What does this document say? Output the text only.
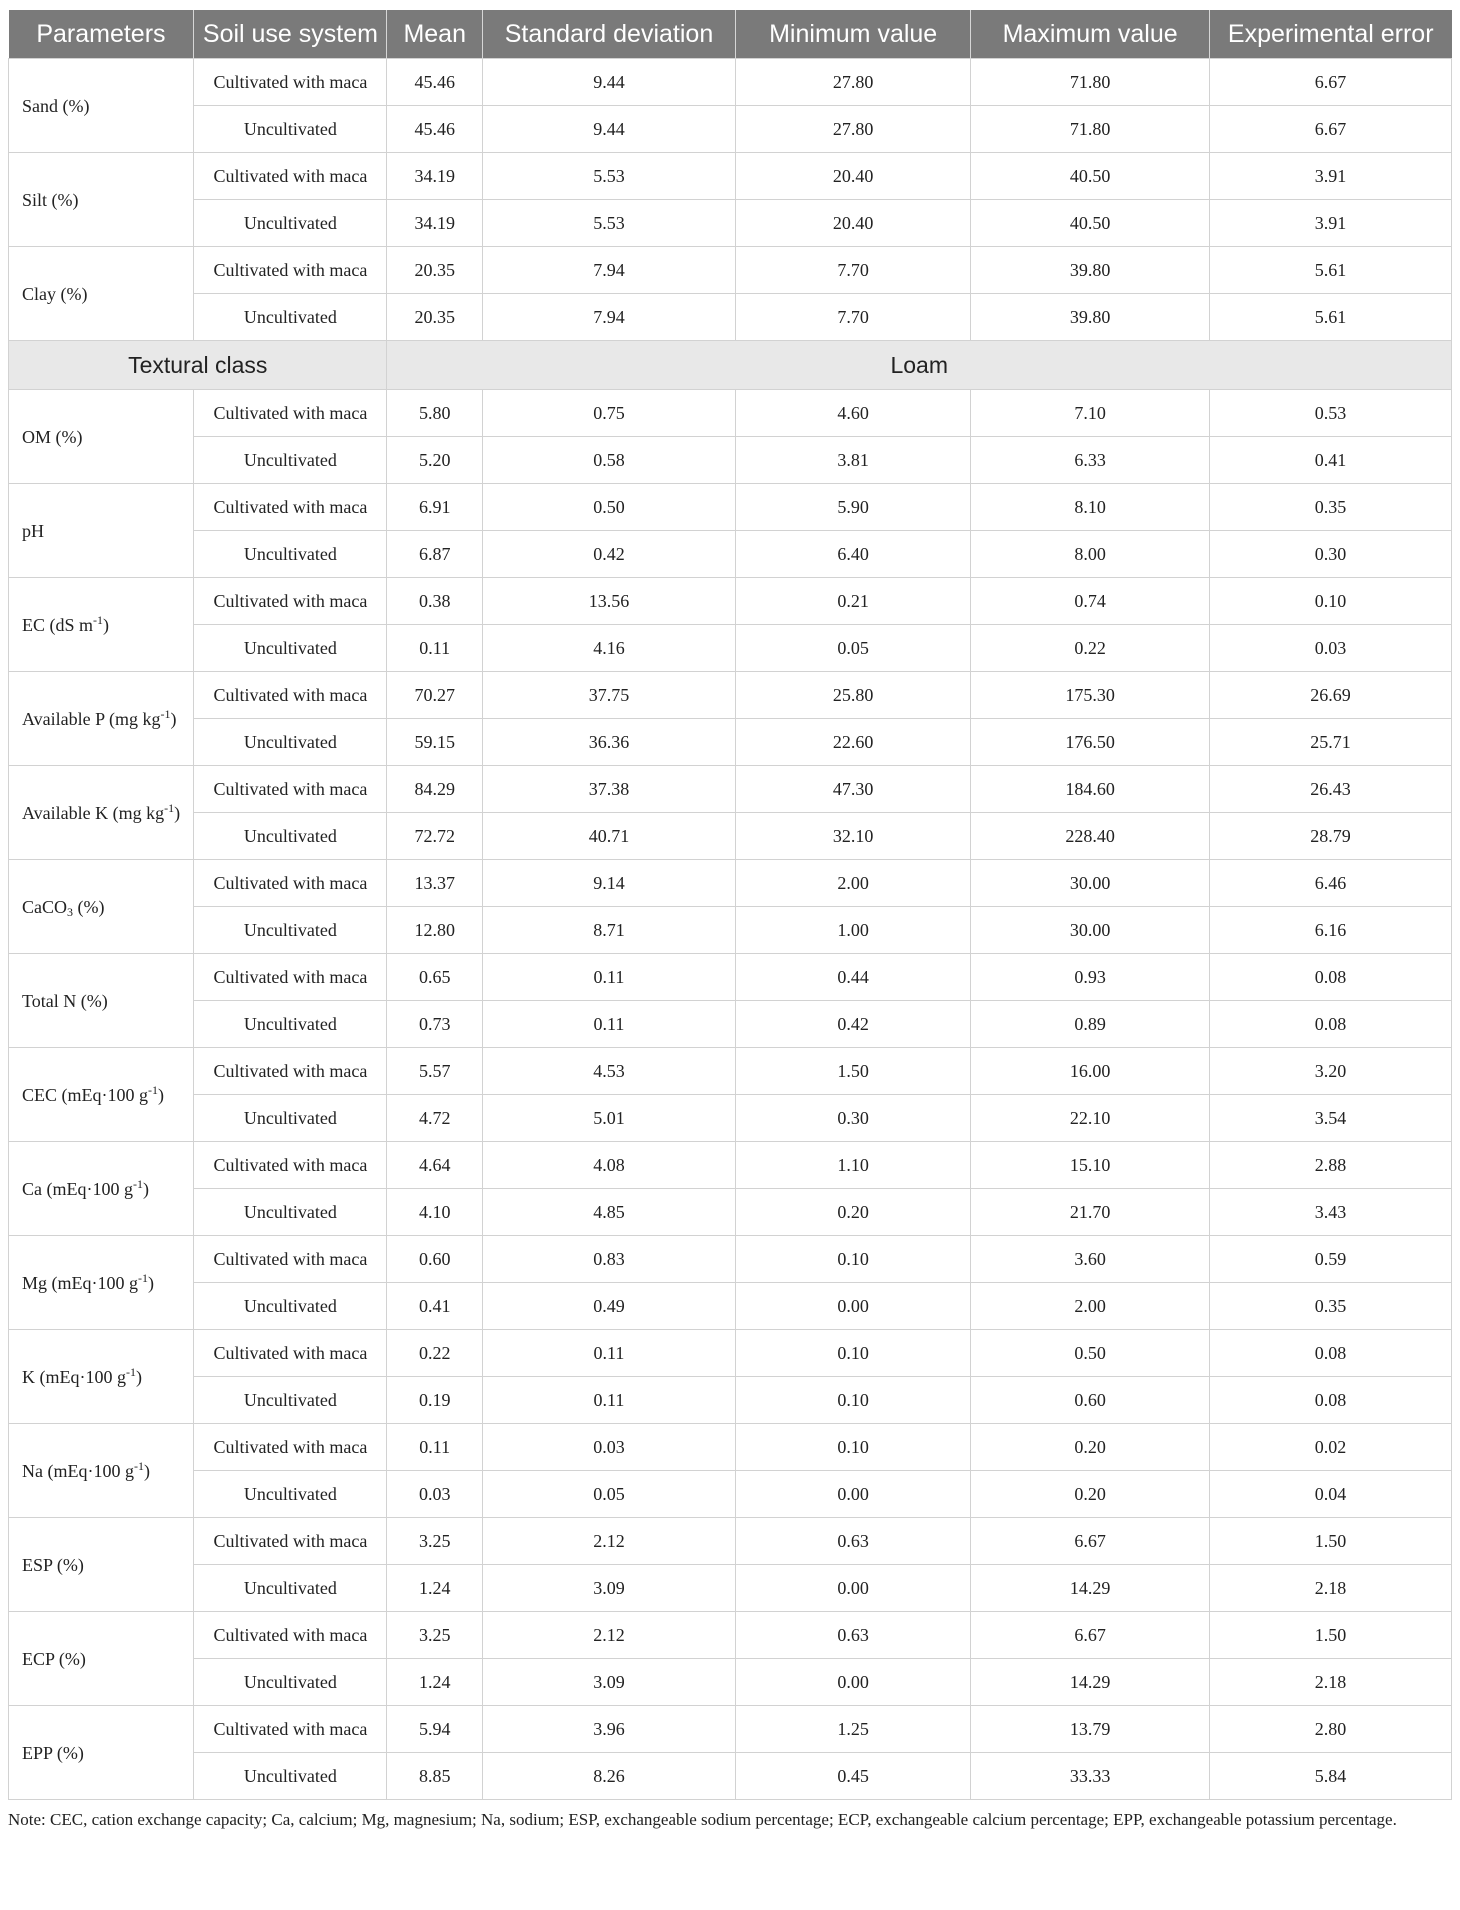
Parameters	Soil use system	Mean	Standard deviation	Minimum value	Maximum value	Experimental error
Sand (%)	Cultivated with maca	45.46	9.44	27.80	71.80	6.67
	Uncultivated	45.46	9.44	27.80	71.80	6.67
Silt (%)	Cultivated with maca	34.19	5.53	20.40	40.50	3.91
	Uncultivated	34.19	5.53	20.40	40.50	3.91
Clay (%)	Cultivated with maca	20.35	7.94	7.70	39.80	5.61
	Uncultivated	20.35	7.94	7.70	39.80	5.61
Textural class		Loam				
OM (%)	Cultivated with maca	5.80	0.75	4.60	7.10	0.53
	Uncultivated	5.20	0.58	3.81	6.33	0.41
pH	Cultivated with maca	6.91	0.50	5.90	8.10	0.35
	Uncultivated	6.87	0.42	6.40	8.00	0.30
EC (dS $m^{-1}$)	Cultivated with maca	0.38	13.56	0.21	0.74	0.10
	Uncultivated	0.11	4.16	0.05	0.22	0.03
Available P (mg $kg^{-1}$)	Cultivated with maca	70.27	37.75	25.80	175.30	26.69
	Uncultivated	59.15	36.36	22.60	176.50	25.71
Available K (mg $kg^{-1}$)	Cultivated with maca	84.29	37.38	47.30	184.60	26.43
	Uncultivated	72.72	40.71	32.10	228.40	28.79
CaCO$_3$ (%)	Cultivated with maca	13.37	9.14	2.00	30.00	6.46
	Uncultivated	12.80	8.71	1.00	30.00	6.16
Total N (%)	Cultivated with maca	0.65	0.11	0.44	0.93	0.08
	Uncultivated	0.73	0.11	0.42	0.89	0.08
CEC (mEq·100 $g^{-1}$)	Cultivated with maca	5.57	4.53	1.50	16.00	3.20
	Uncultivated	4.72	5.01	0.30	22.10	3.54
Ca (mEq·100 $g^{-1}$)	Cultivated with maca	4.64	4.08	1.10	15.10	2.88
	Uncultivated	4.10	4.85	0.20	21.70	3.43
Mg (mEq·100 $g^{-1}$)	Cultivated with maca	0.60	0.83	0.10	3.60	0.59
	Uncultivated	0.41	0.49	0.00	2.00	0.35
K (mEq·100 $g^{-1}$)	Cultivated with maca	0.22	0.11	0.10	0.50	0.08
	Uncultivated	0.19	0.11	0.10	0.60	0.08
Na (mEq·100 $g^{-1}$)	Cultivated with maca	0.11	0.03	0.10	0.20	0.02
	Uncultivated	0.03	0.05	0.00	0.20	0.04
ESP (%)	Cultivated with maca	3.25	2.12	0.63	6.67	1.50
	Uncultivated	1.24	3.09	0.00	14.29	2.18
ECP (%)	Cultivated with maca	3.25	2.12	0.63	6.67	1.50
	Uncultivated	1.24	3.09	0.00	14.29	2.18
EPP (%)	Cultivated with maca	5.94	3.96	1.25	13.79	2.80
	Uncultivated	8.85	8.26	0.45	33.33	5.84
Note: CEC, cation exchange capacity; Ca, calcium; Mg, magnesium; Na, sodium; ESP, exchangeable sodium percentage; ECP, exchangeable calcium percentage; EPP, exchangeable potassium percentage.
